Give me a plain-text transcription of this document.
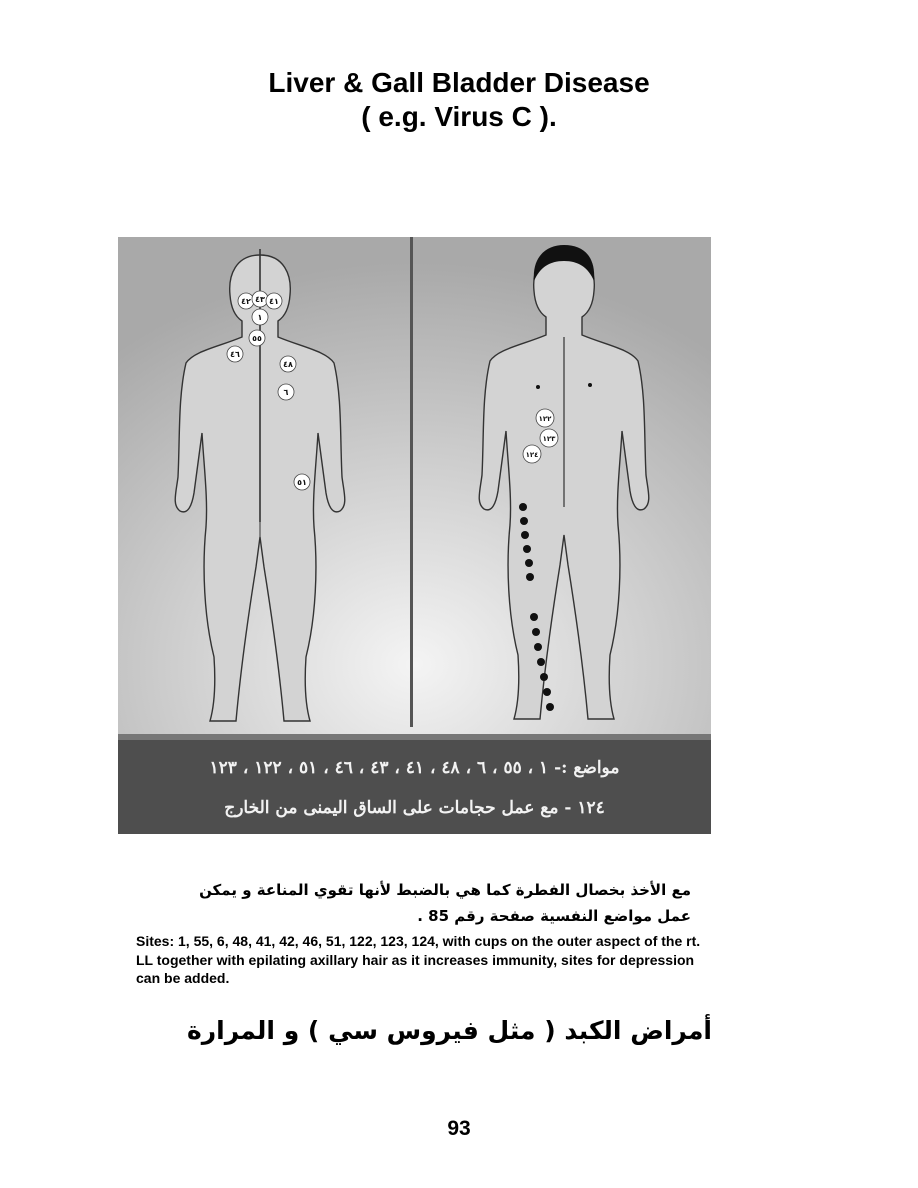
Liver & Gall Bladder Disease
( e.g. Virus C ).
٤٢ ٤٣ ٤١
١
٥٥
٤٦
٤٨
٦
٥١
١٢٢
١٢٣
١٢٤
مواضع :- ١ ، ٥٥ ، ٦ ، ٤٨ ، ٤١ ، ٤٣ ، ٤٦ ، ٥١ ، ١٢٢ ، ١٢٣
١٢٤ - مع عمل حجامات على الساق اليمنى من الخارج
مع الأخذ بخصال الفطرة كما هي بالضبط لأنها تقوي المناعة و يمكن
عمل مواضع النفسية صفحة رقم 85 .
Sites: 1, 55, 6, 48, 41, 42, 46, 51, 122, 123, 124, with cups on the outer aspect of the rt. LL together with epilating axillary hair as it increases immunity, sites for depression can be added.
أمراض الكبد ( مثل فيروس سي ) و المرارة
93
